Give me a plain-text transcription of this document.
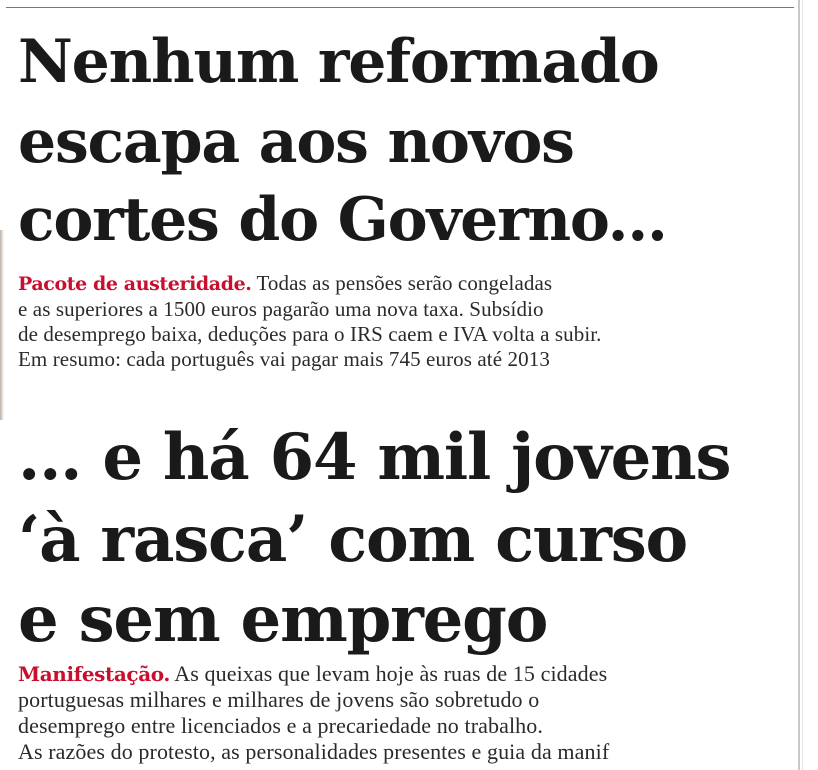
Nenhum reformado
escapa aos novos
cortes do Governo...

Pacote de austeridade. Todas as pensões serão congeladas
e as superiores a 1500 euros pagarão uma nova taxa. Subsídio
de desemprego baixa, deduções para o IRS caem e IVA volta a subir.
Em resumo: cada português vai pagar mais 745 euros até 2013

... e há 64 mil jovens
‘à rasca’ com curso
e sem emprego

Manifestação. As queixas que levam hoje às ruas de 15 cidades
portuguesas milhares e milhares de jovens são sobretudo o
desemprego entre licenciados e a precariedade no trabalho.
As razões do protesto, as personalidades presentes e guia da manif
